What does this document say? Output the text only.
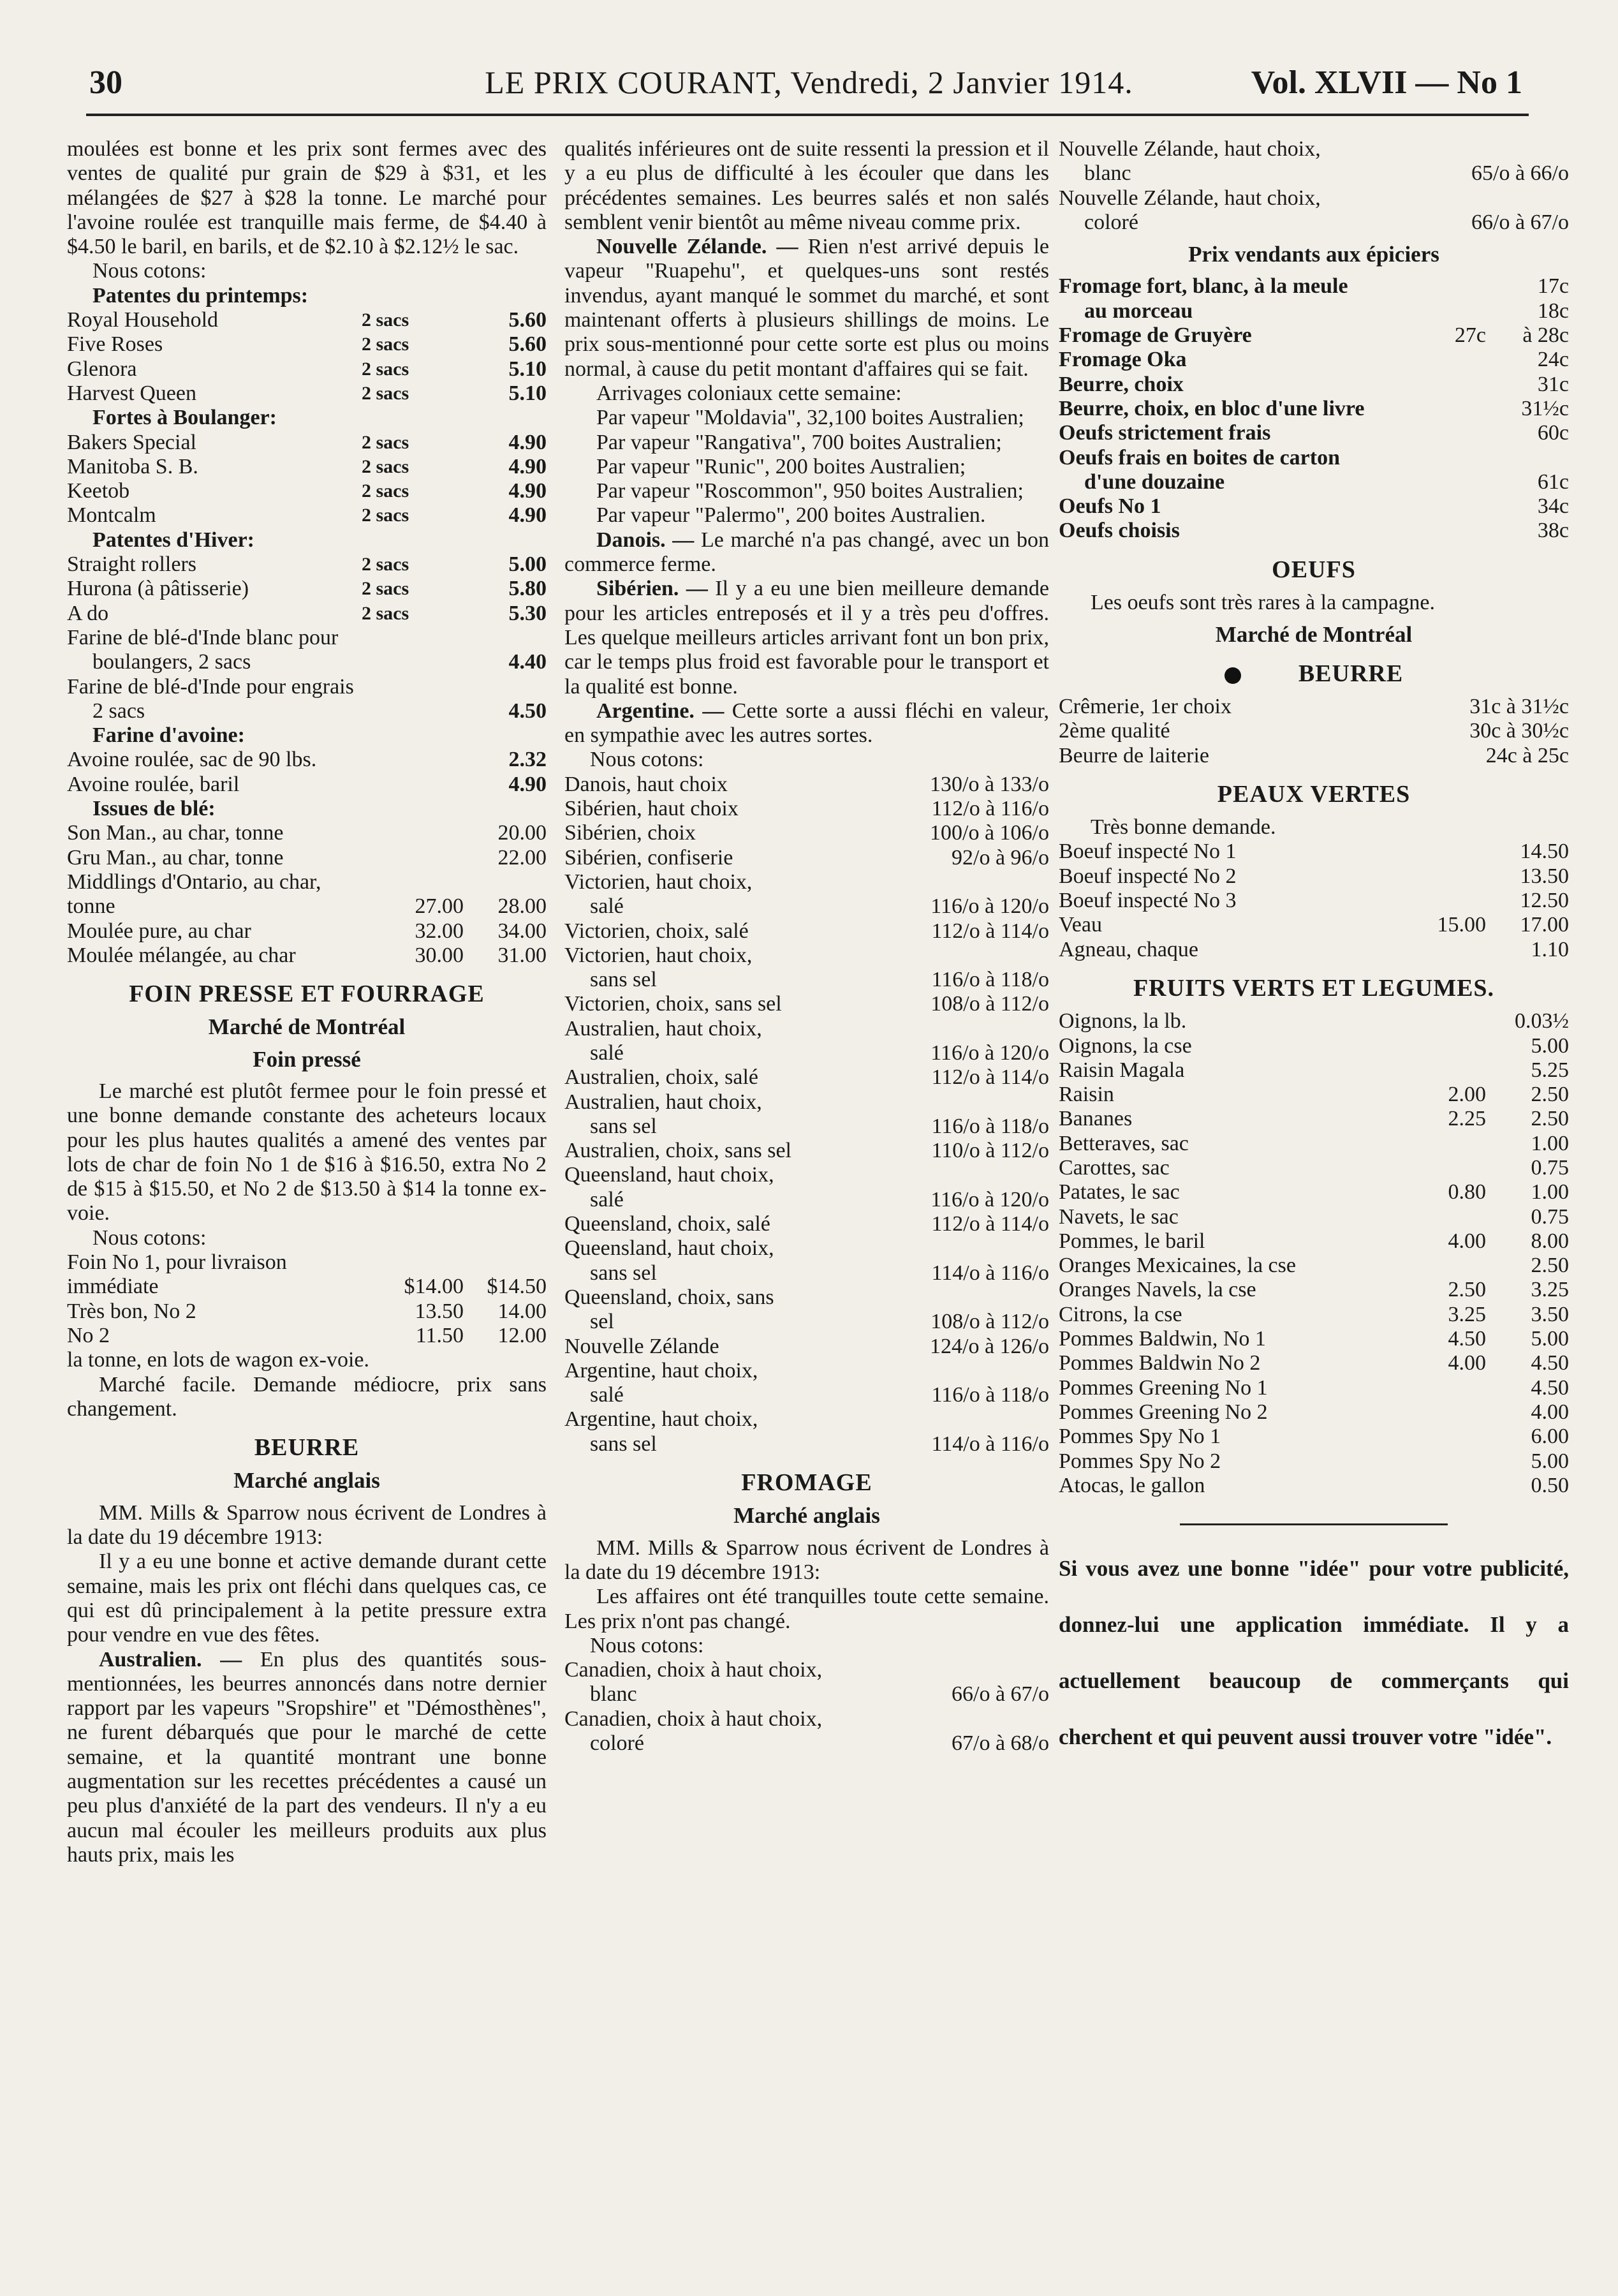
30	LE PRIX COURANT, Vendredi, 2 Janvier 1914.	Vol. XLVII — No 1

moulées est bonne et les prix sont fermes avec des ventes de qualité pur grain de $29 à $31, et les mélangées de $27 à $28 la tonne. Le marché pour l'avoine roulée est tranquille mais ferme, de $4.40 à $4.50 le baril, en barils, et de $2.10 à $2.12½ le sac.

Nous cotons:

Patentes du printemps:

Royal Household	2 sacs	5.60
Five Roses	2 sacs	5.60
Glenora	2 sacs	5.10
Harvest Queen	2 sacs	5.10

Fortes à Boulanger:

Bakers Special	2 sacs	4.90
Manitoba S. B.	2 sacs	4.90
Keetob	2 sacs	4.90
Montcalm	2 sacs	4.90

Patentes d'Hiver:

Straight rollers	2 sacs	5.00
Hurona (à pâtisserie)	2 sacs	5.80
A do	2 sacs	5.30
Farine de blé-d'Inde blanc pour
boulangers, 2 sacs	4.40
Farine de blé-d'Inde pour engrais
2 sacs	4.50

Farine d'avoine:

Avoine roulée, sac de 90 lbs.	2.32
Avoine roulée, baril	4.90

Issues de blé:

Son Man., au char, tonne	20.00
Gru Man., au char, tonne	22.00
Middlings d'Ontario, au char,
tonne	27.00	28.00
Moulée pure, au char	32.00	34.00
Moulée mélangée, au char	30.00	31.00
FOIN PRESSE ET FOURRAGE
Marché de Montréal
Foin pressé

Le marché est plutôt fermee pour le foin pressé et une bonne demande constante des acheteurs locaux pour les plus hautes qualités a amené des ventes par lots de char de foin No 1 de $16 à $16.50, extra No 2 de $15 à $15.50, et No 2 de $13.50 à $14 la tonne ex-voie.

Nous cotons:

Foin No 1, pour livraison
immédiate	$14.00	$14.50
Très bon, No 2	13.50	14.00
No 2	11.50	12.00

la tonne, en lots de wagon ex-voie.

Marché facile. Demande médiocre, prix sans changement.

BEURRE
Marché anglais

MM. Mills & Sparrow nous écrivent de Londres à la date du 19 décembre 1913:

Il y a eu une bonne et active demande durant cette semaine, mais les prix ont fléchi dans quelques cas, ce qui est dû principalement à la petite pressure extra pour vendre en vue des fêtes.

Australien. — En plus des quantités sous-mentionnées, les beurres annoncés dans notre dernier rapport par les vapeurs "Sropshire" et "Démosthènes", ne furent débarqués que pour le marché de cette semaine, et la quantité montrant une bonne augmentation sur les recettes précédentes a causé un peu plus d'anxiété de la part des vendeurs. Il n'y a eu aucun mal écouler les meilleurs produits aux plus hauts prix, mais les

qualités inférieures ont de suite ressenti la pression et il y a eu plus de difficulté à les écouler que dans les précédentes semaines. Les beurres salés et non salés semblent venir bientôt au même niveau comme prix.

Nouvelle Zélande. — Rien n'est arrivé depuis le vapeur "Ruapehu", et quelques-uns sont restés invendus, ayant manqué le sommet du marché, et sont maintenant offerts à plusieurs shillings de moins. Le prix sous-mentionné pour cette sorte est plus ou moins normal, à cause du petit montant d'affaires qui se fait.

Arrivages coloniaux cette semaine:

Par vapeur "Moldavia", 32,100 boites Australien;

Par vapeur "Rangativa", 700 boites Australien;

Par vapeur "Runic", 200 boites Australien;

Par vapeur "Roscommon", 950 boites Australien;

Par vapeur "Palermo", 200 boites Australien.

Danois. — Le marché n'a pas changé, avec un bon commerce ferme.

Sibérien. — Il y a eu une bien meilleure demande pour les articles entreposés et il y a très peu d'offres. Les quelque meilleurs articles arrivant font un bon prix, car le temps plus froid est favorable pour le transport et la qualité est bonne.

Argentine. — Cette sorte a aussi fléchi en valeur, en sympathie avec les autres sortes.

Nous cotons:

Danois, haut choix	130/o à 133/o
Sibérien, haut choix	112/o à 116/o
Sibérien, choix	100/o à 106/o
Sibérien, confiserie	92/o à 96/o
Victorien, haut choix,
salé	116/o à 120/o
Victorien, choix, salé	112/o à 114/o
Victorien, haut choix,
sans sel	116/o à 118/o
Victorien, choix, sans sel	108/o à 112/o
Australien, haut choix,
salé	116/o à 120/o
Australien, choix, salé	112/o à 114/o
Australien, haut choix,
sans sel	116/o à 118/o
Australien, choix, sans sel	110/o à 112/o
Queensland, haut choix,
salé	116/o à 120/o
Queensland, choix, salé	112/o à 114/o
Queensland, haut choix,
sans sel	114/o à 116/o
Queensland, choix, sans
sel	108/o à 112/o
Nouvelle Zélande	124/o à 126/o
Argentine, haut choix,
salé	116/o à 118/o
Argentine, haut choix,
sans sel	114/o à 116/o
FROMAGE
Marché anglais

MM. Mills & Sparrow nous écrivent de Londres à la date du 19 décembre 1913:

Les affaires ont été tranquilles toute cette semaine. Les prix n'ont pas changé.

Nous cotons:

Canadien, choix à haut choix,
blanc	66/o à 67/o
Canadien, choix à haut choix,
coloré	67/o à 68/o
Nouvelle Zélande, haut choix,
blanc	65/o à 66/o
Nouvelle Zélande, haut choix,
coloré	66/o à 67/o
Prix vendants aux épiciers
Fromage fort, blanc, à la meule	17c
au morceau	18c
Fromage de Gruyère	27c	à 28c
Fromage Oka	24c
Beurre, choix	31c
Beurre, choix, en bloc d'une livre	31½c
Oeufs strictement frais	60c
Oeufs frais en boites de carton
d'une douzaine	61c
Oeufs No 1	34c
Oeufs choisis	38c
OEUFS

Les oeufs sont très rares à la campagne.

Marché de Montréal
BEURRE
Crêmerie, 1er choix	31c à 31½c
2ème qualité	30c à 30½c
Beurre de laiterie	24c à 25c
PEAUX VERTES

Très bonne demande.

Boeuf inspecté No 1	14.50
Boeuf inspecté No 2	13.50
Boeuf inspecté No 3	12.50
Veau	15.00	17.00
Agneau, chaque	1.10
FRUITS VERTS ET LEGUMES.
Oignons, la lb.	0.03½
Oignons, la cse	5.00
Raisin Magala	5.25
Raisin	2.00	2.50
Bananes	2.25	2.50
Betteraves, sac	1.00
Carottes, sac	0.75
Patates, le sac	0.80	1.00
Navets, le sac	0.75
Pommes, le baril	4.00	8.00
Oranges Mexicaines, la cse	2.50
Oranges Navels, la cse	2.50	3.25
Citrons, la cse	3.25	3.50
Pommes Baldwin, No 1	4.50	5.00
Pommes Baldwin No 2	4.00	4.50
Pommes Greening No 1	4.50
Pommes Greening No 2	4.00
Pommes Spy No 1	6.00
Pommes Spy No 2	5.00
Atocas, le gallon	0.50
Si vous avez une bonne "idée" pour votre publicité, donnez-lui une application immédiate. Il y a actuellement beaucoup de commerçants qui cherchent et qui peuvent aussi trouver votre "idée".
